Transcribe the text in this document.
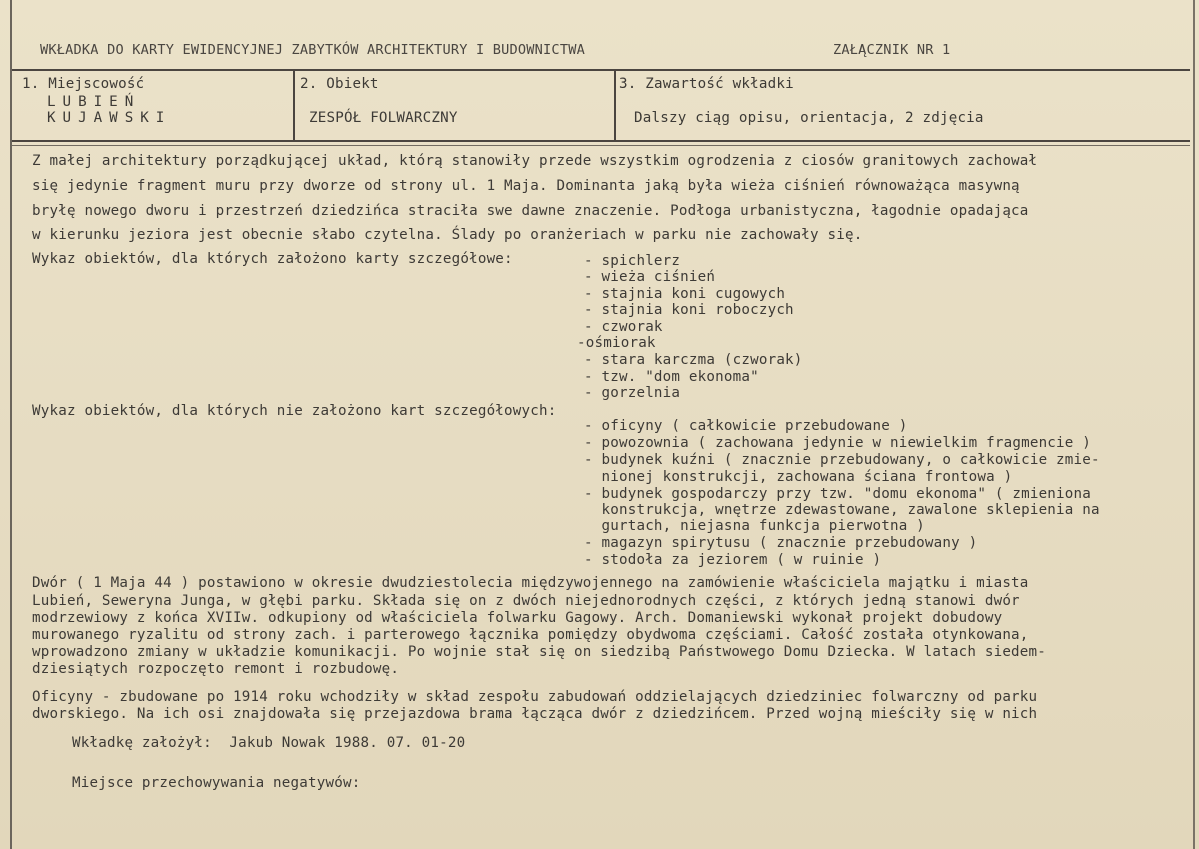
WKŁADKA DO KARTY EWIDENCYJNEJ ZABYTKÓW ARCHITEKTURY I BUDOWNICTWA	ZAŁĄCZNIK NR 1
1. Miejscowość
LUBIEŃ
KUJAWSKI
2. Obiekt
ZESPÓŁ FOLWARCZNY
3. Zawartość wkładki
Dalszy ciąg opisu, orientacja, 2 zdjęcia
Z małej architektury porządkującej układ, którą stanowiły przede wszystkim ogrodzenia z ciosów granitowych zachował
się jedynie fragment muru przy dworze od strony ul. 1 Maja. Dominanta jaką była wieża ciśnień równoważąca masywną
bryłę nowego dworu i przestrzeń dziedzińca straciła swe dawne znaczenie. Podłoga urbanistyczna, łagodnie opadająca
w kierunku jeziora jest obecnie słabo czytelna. Ślady po oranżeriach w parku nie zachowały się.
Wykaz obiektów, dla których założono karty szczegółowe:	- spichlerz
- wieża ciśnień
- stajnia koni cugowych
- stajnia koni roboczych
- czworak
-ośmiorak
- stara karczma (czworak)
- tzw. "dom ekonoma"
- gorzelnia
Wykaz obiektów, dla których nie założono kart szczegółowych:
- oficyny ( całkowicie przebudowane )
- powozownia ( zachowana jedynie w niewielkim fragmencie )
- budynek kuźni ( znacznie przebudowany, o całkowicie zmie-
nionej konstrukcji, zachowana ściana frontowa )
- budynek gospodarczy przy tzw. "domu ekonoma" ( zmieniona
konstrukcja, wnętrze zdewastowane, zawalone sklepienia na
gurtach, niejasna funkcja pierwotna )
- magazyn spirytusu ( znacznie przebudowany )
- stodoła za jeziorem ( w ruinie )
Dwór ( 1 Maja 44 ) postawiono w okresie dwudziestolecia międzywojennego na zamówienie właściciela majątku i miasta
Lubień, Seweryna Junga, w głębi parku. Składa się on z dwóch niejednorodnych części, z których jedną stanowi dwór
modrzewiowy z końca XVIIw. odkupiony od właściciela folwarku Gagowy. Arch. Domaniewski wykonał projekt dobudowy
murowanego ryzalitu od strony zach. i parterowego łącznika pomiędzy obydwoma częściami. Całość została otynkowana,
wprowadzono zmiany w układzie komunikacji. Po wojnie stał się on siedzibą Państwowego Domu Dziecka. W latach siedem-
dziesiątych rozpoczęto remont i rozbudowę.
Oficyny - zbudowane po 1914 roku wchodziły w skład zespołu zabudowań oddzielających dziedziniec folwarczny od parku
dworskiego. Na ich osi znajdowała się przejazdowa brama łącząca dwór z dziedzińcem. Przed wojną mieściły się w nich
Wkładkę założył:  Jakub Nowak 1988. 07. 01-20
Miejsce przechowywania negatywów:
